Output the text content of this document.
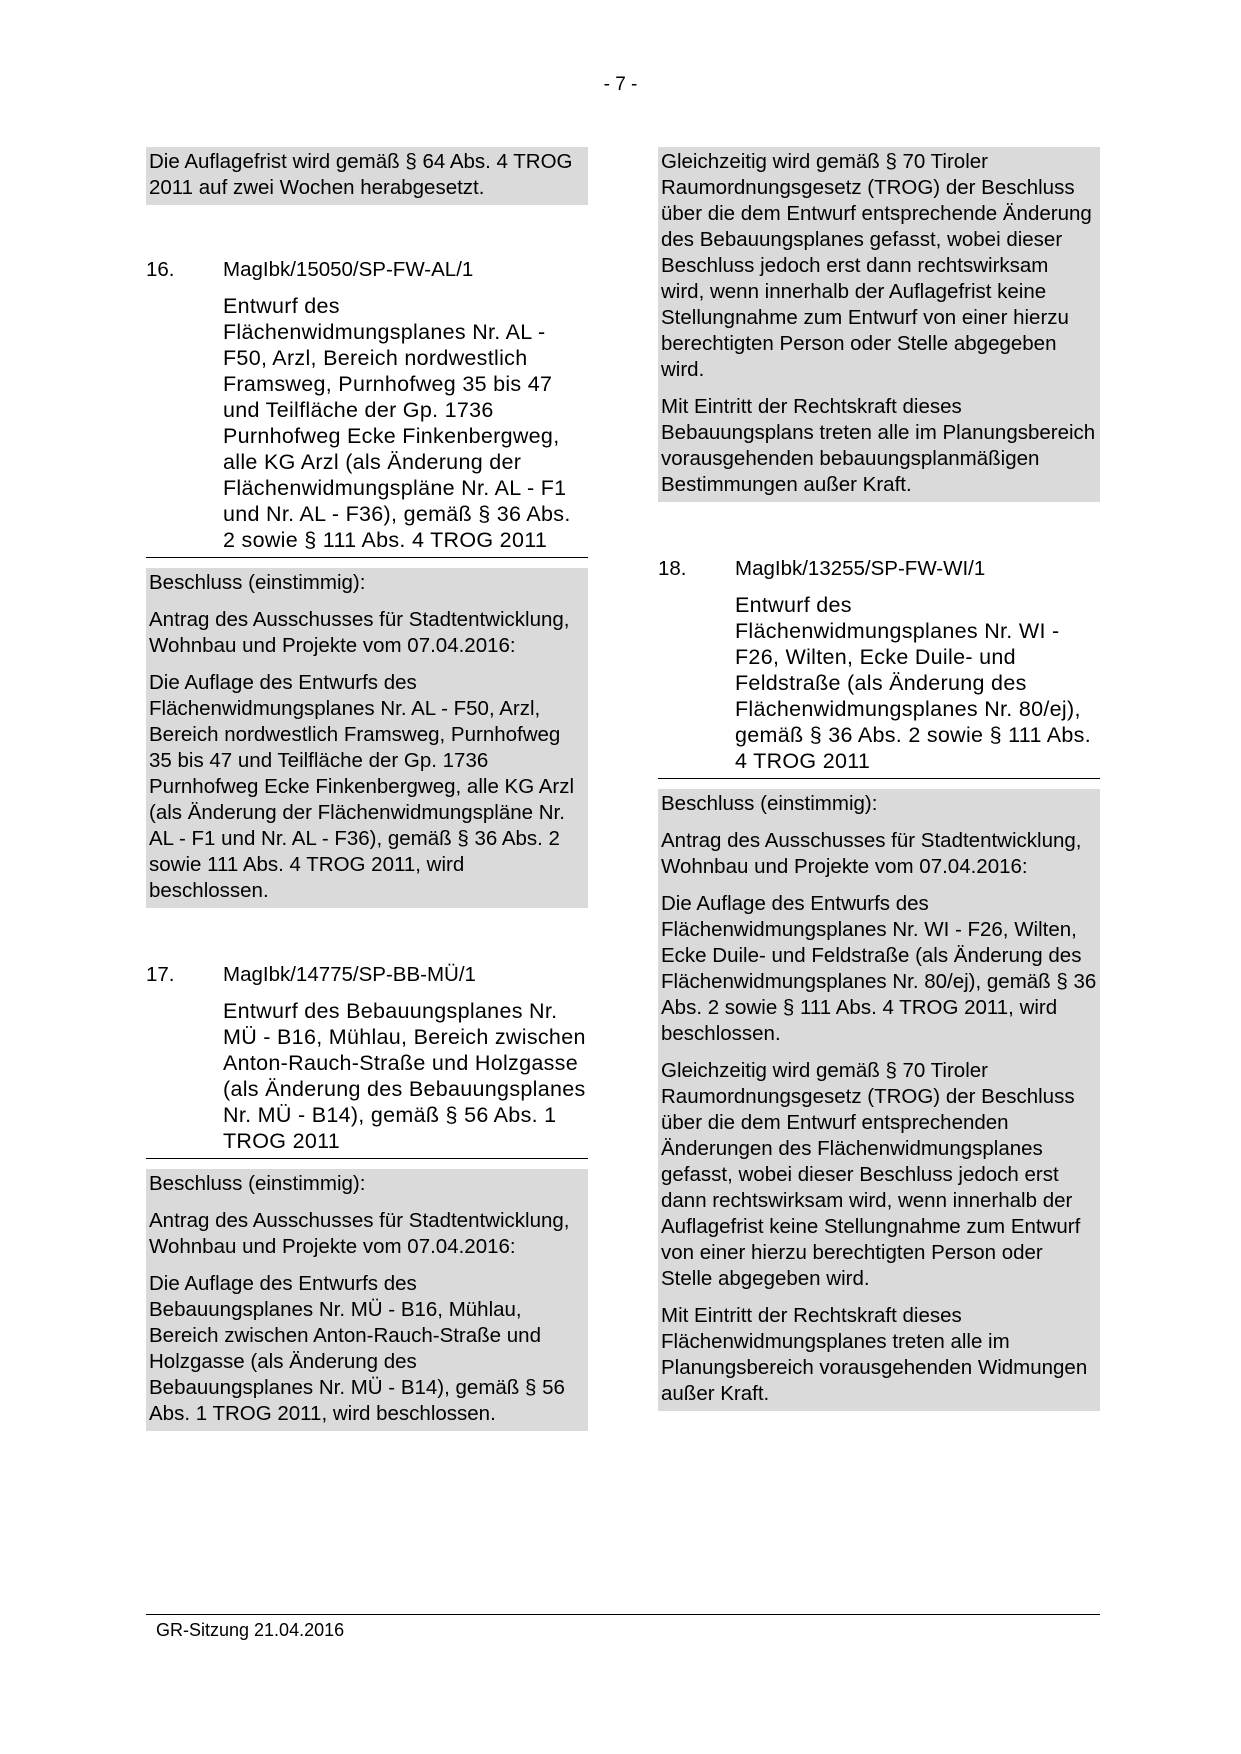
- 7 -

Die Auflagefrist wird gemäß § 64 Abs. 4 TROG 2011 auf zwei Wochen herabgesetzt.

16.	MagIbk/15050/SP-FW-AL/1
Entwurf des Flächenwidmungsplanes Nr. AL - F50, Arzl, Bereich nordwestlich Framsweg, Purnhofweg 35 bis 47 und Teilfläche der Gp. 1736 Purnhofweg Ecke Finkenbergweg, alle KG Arzl (als Änderung der Flächenwidmungspläne Nr. AL - F1 und Nr. AL - F36), gemäß § 36 Abs. 2 sowie § 111 Abs. 4 TROG 2011

Beschluss (einstimmig):

Antrag des Ausschusses für Stadtentwicklung, Wohnbau und Projekte vom 07.04.2016:

Die Auflage des Entwurfs des Flächenwidmungsplanes Nr. AL - F50, Arzl, Bereich nordwestlich Framsweg, Purnhofweg 35 bis 47 und Teilfläche der Gp. 1736 Purnhofweg Ecke Finkenbergweg, alle KG Arzl (als Änderung der Flächenwidmungspläne Nr. AL - F1 und Nr. AL - F36), gemäß § 36 Abs. 2 sowie 111 Abs. 4 TROG 2011, wird beschlossen.

17.	MagIbk/14775/SP-BB-MÜ/1
Entwurf des Bebauungsplanes Nr. MÜ - B16, Mühlau, Bereich zwischen Anton-Rauch-Straße und Holzgasse (als Änderung des Bebauungsplanes Nr. MÜ - B14), gemäß § 56 Abs. 1 TROG 2011

Beschluss (einstimmig):

Antrag des Ausschusses für Stadtentwicklung, Wohnbau und Projekte vom 07.04.2016:

Die Auflage des Entwurfs des Bebauungsplanes Nr. MÜ - B16, Mühlau, Bereich zwischen Anton-Rauch-Straße und Holzgasse (als Änderung des Bebauungsplanes Nr. MÜ - B14), gemäß § 56 Abs. 1 TROG 2011, wird beschlossen.

Gleichzeitig wird gemäß § 70 Tiroler Raumordnungsgesetz (TROG) der Beschluss über die dem Entwurf entsprechende Änderung des Bebauungsplanes gefasst, wobei dieser Beschluss jedoch erst dann rechtswirksam wird, wenn innerhalb der Auflagefrist keine Stellungnahme zum Entwurf von einer hierzu berechtigten Person oder Stelle abgegeben wird.

Mit Eintritt der Rechtskraft dieses Bebauungsplans treten alle im Planungsbereich vorausgehenden bebauungsplanmäßigen Bestimmungen außer Kraft.

18.	MagIbk/13255/SP-FW-WI/1
Entwurf des Flächenwidmungsplanes Nr. WI - F26, Wilten, Ecke Duile- und Feldstraße (als Änderung des Flächenwidmungsplanes Nr. 80/ej), gemäß § 36 Abs. 2 sowie § 111 Abs. 4 TROG 2011

Beschluss (einstimmig):

Antrag des Ausschusses für Stadtentwicklung, Wohnbau und Projekte vom 07.04.2016:

Die Auflage des Entwurfs des Flächenwidmungsplanes Nr. WI - F26, Wilten, Ecke Duile- und Feldstraße (als Änderung des Flächenwidmungsplanes Nr. 80/ej), gemäß § 36 Abs. 2 sowie § 111 Abs. 4 TROG 2011, wird beschlossen.

Gleichzeitig wird gemäß § 70 Tiroler Raumordnungsgesetz (TROG) der Beschluss über die dem Entwurf entsprechenden Änderungen des Flächenwidmungsplanes gefasst, wobei dieser Beschluss jedoch erst dann rechtswirksam wird, wenn innerhalb der Auflagefrist keine Stellungnahme zum Entwurf von einer hierzu berechtigten Person oder Stelle abgegeben wird.

Mit Eintritt der Rechtskraft dieses Flächenwidmungsplanes treten alle im Planungsbereich vorausgehenden Widmungen außer Kraft.

GR-Sitzung 21.04.2016
